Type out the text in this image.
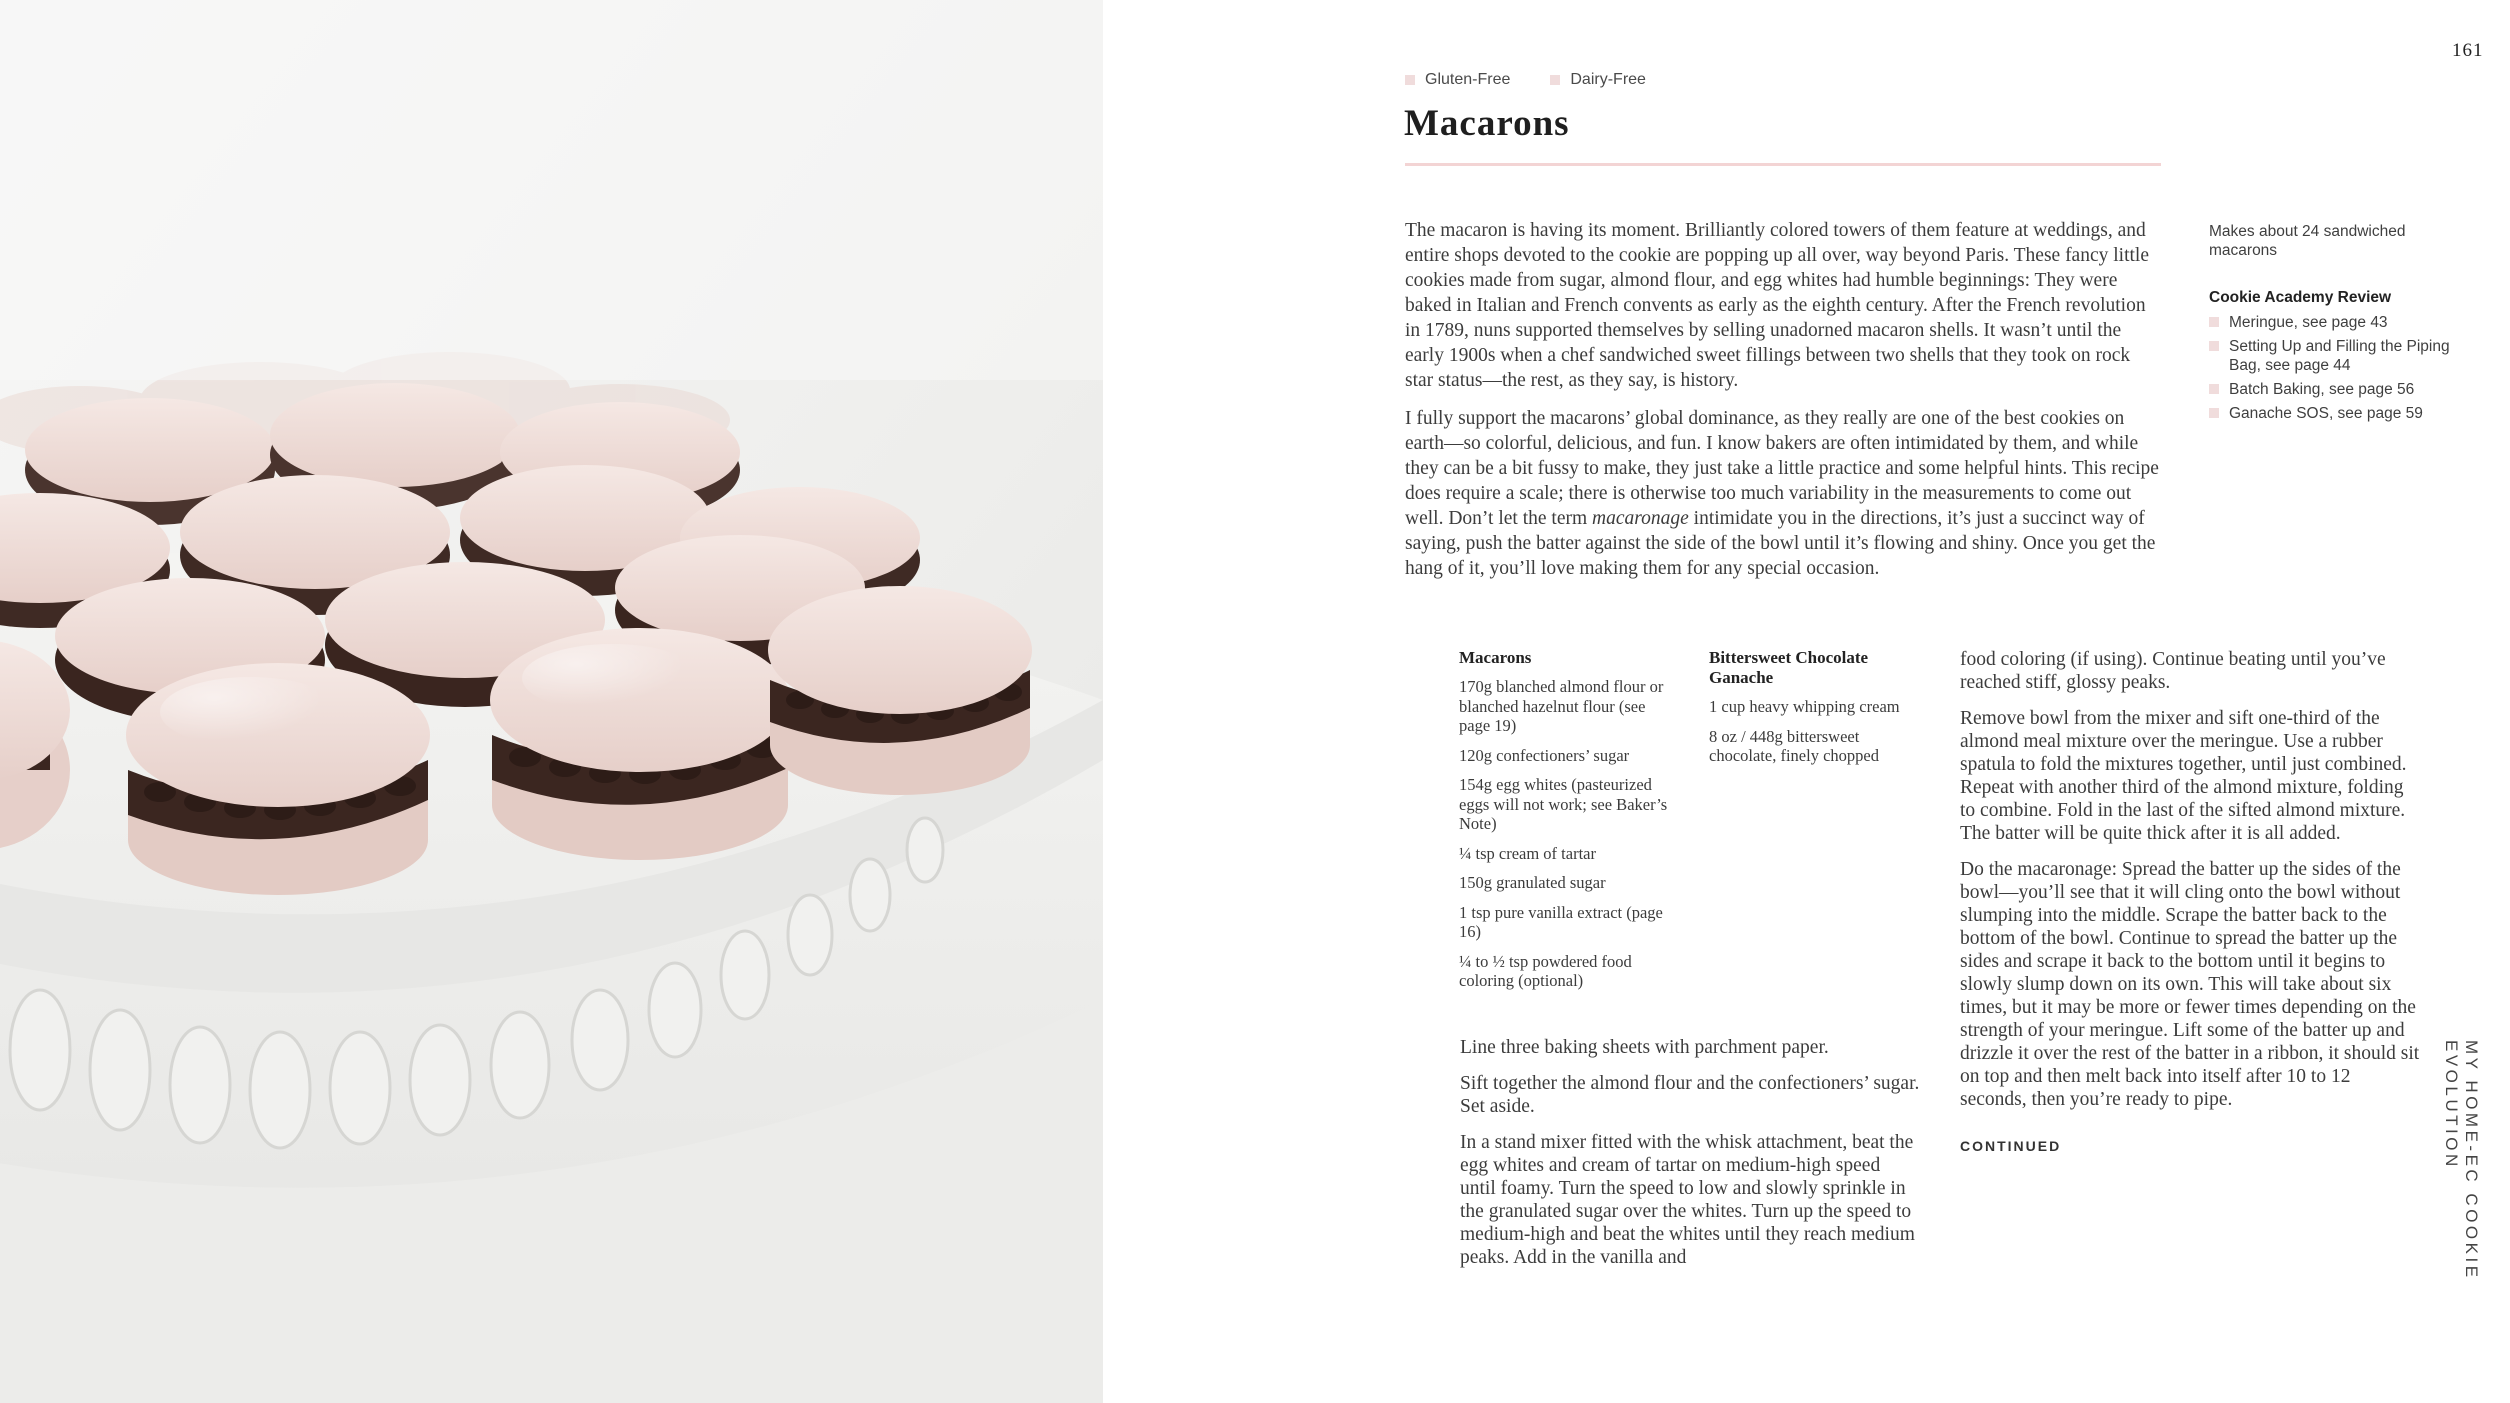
161
Gluten-Free	Dairy-Free
Macarons

The macaron is having its moment. Brilliantly colored towers of them feature at weddings, and entire shops devoted to the cookie are popping up all over, way beyond Paris. These fancy little cookies made from sugar, almond flour, and egg whites had humble beginnings: They were baked in Italian and French convents as early as the eighth century. After the French revolution in 1789, nuns supported themselves by selling unadorned macaron shells. It wasn’t until the early 1900s when a chef sandwiched sweet fillings between two shells that they took on rock star status—the rest, as they say, is history.

I fully support the macarons’ global dominance, as they really are one of the best cookies on earth—so colorful, delicious, and fun. I know bakers are often intimidated by them, and while they can be a bit fussy to make, they just take a little practice and some helpful hints. This recipe does require a scale; there is otherwise too much variability in the measurements to come out well. Don’t let the term macaronage intimidate you in the directions, it’s just a succinct way of saying, push the batter against the side of the bowl until it’s flowing and shiny. Once you get the hang of it, you’ll love making them for any special occasion.

Makes about 24 sandwiched macarons
Cookie Academy Review
Meringue, see page 43
Setting Up and Filling the Piping Bag, see page 44
Batch Baking, see page 56
Ganache SOS, see page 59
Macarons
170g blanched almond flour or blanched hazelnut flour (see page 19)
120g confectioners’ sugar
154g egg whites (pasteurized eggs will not work; see Baker’s Note)
¼ tsp cream of tartar
150g granulated sugar
1 tsp pure vanilla extract (page 16)
¼ to ½ tsp powdered food coloring (optional)
Bittersweet Chocolate Ganache
1 cup heavy whipping cream
8 oz / 448g bittersweet chocolate, finely chopped

Line three baking sheets with parchment paper.

Sift together the almond flour and the confectioners’ sugar. Set aside.

In a stand mixer fitted with the whisk attachment, beat the egg whites and cream of tartar on medium-high speed until foamy. Turn the speed to low and slowly sprinkle in the granulated sugar over the whites. Turn up the speed to medium-high and beat the whites until they reach medium peaks. Add in the vanilla and

food coloring (if using). Continue beating until you’ve reached stiff, glossy peaks.

Remove bowl from the mixer and sift one-third of the almond meal mixture over the meringue. Use a rubber spatula to fold the mixtures together, until just combined. Repeat with another third of the almond mixture, folding to combine. Fold in the last of the sifted almond mixture. The batter will be quite thick after it is all added.

Do the macaronage: Spread the batter up the sides of the bowl—you’ll see that it will cling onto the bowl without slumping into the middle. Scrape the batter back to the bottom of the bowl. Continue to spread the batter up the sides and scrape it back to the bottom until it begins to slowly slump down on its own. This will take about six times, but it may be more or fewer times depending on the strength of your meringue. Lift some of the batter up and drizzle it over the rest of the batter in a ribbon, it should sit on top and then melt back into itself after 10 to 12 seconds, then you’re ready to pipe.

CONTINUED	MY HOME-EC COOKIE EVOLUTION
